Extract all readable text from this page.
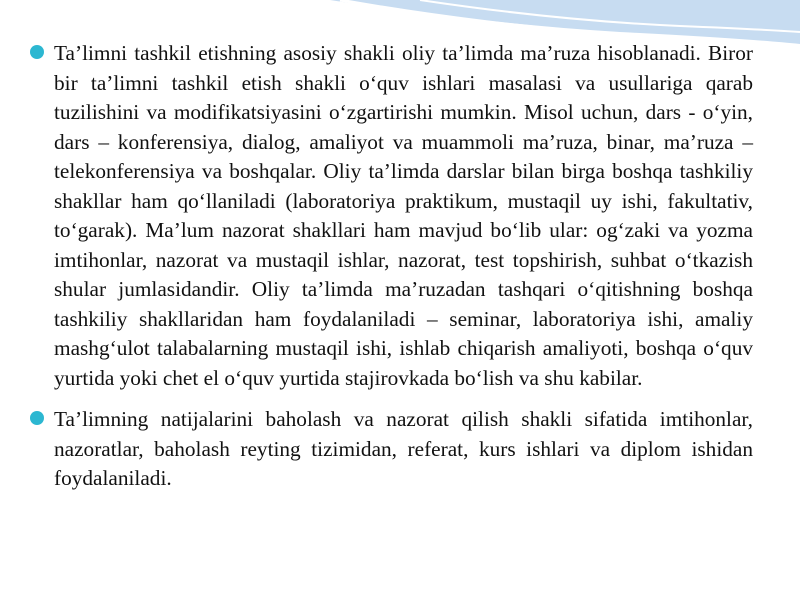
Ta’limni tashkil etishning asosiy shakli oliy ta’limda ma’ruza hisoblanadi. Biror bir ta’limni tashkil etish shakli o‘quv ishlari masalasi va usullariga qarab tuzilishini va modifikatsiyasini o‘zgartirishi mumkin. Misol uchun, dars - o‘yin, dars – konferensiya, dialog, amaliyot va muammoli ma’ruza, binar, ma’ruza – telekonferensiya va boshqalar. Oliy ta’limda darslar bilan birga boshqa tashkiliy shakllar ham qo‘llaniladi (laboratoriya praktikum, mustaqil uy ishi, fakultativ, to‘garak). Ma’lum nazorat shakllari ham mavjud bo‘lib ular: og‘zaki va yozma imtihonlar, nazorat va mustaqil ishlar, nazorat, test topshirish, suhbat o‘tkazish shular jumlasidandir. Oliy ta’limda ma’ruzadan tashqari o‘qitishning boshqa tashkiliy shakllaridan ham foydalaniladi – seminar, laboratoriya ishi, amaliy mashg‘ulot talabalarning mustaqil ishi, ishlab chiqarish amaliyoti, boshqa o‘quv yurtida yoki chet el o‘quv yurtida stajirovkada bo‘lish va shu kabilar.

Ta’limning natijalarini baholash va nazorat qilish shakli sifatida imtihonlar, nazoratlar, baholash reyting tizimidan, referat, kurs ishlari va diplom ishidan foydalaniladi.
